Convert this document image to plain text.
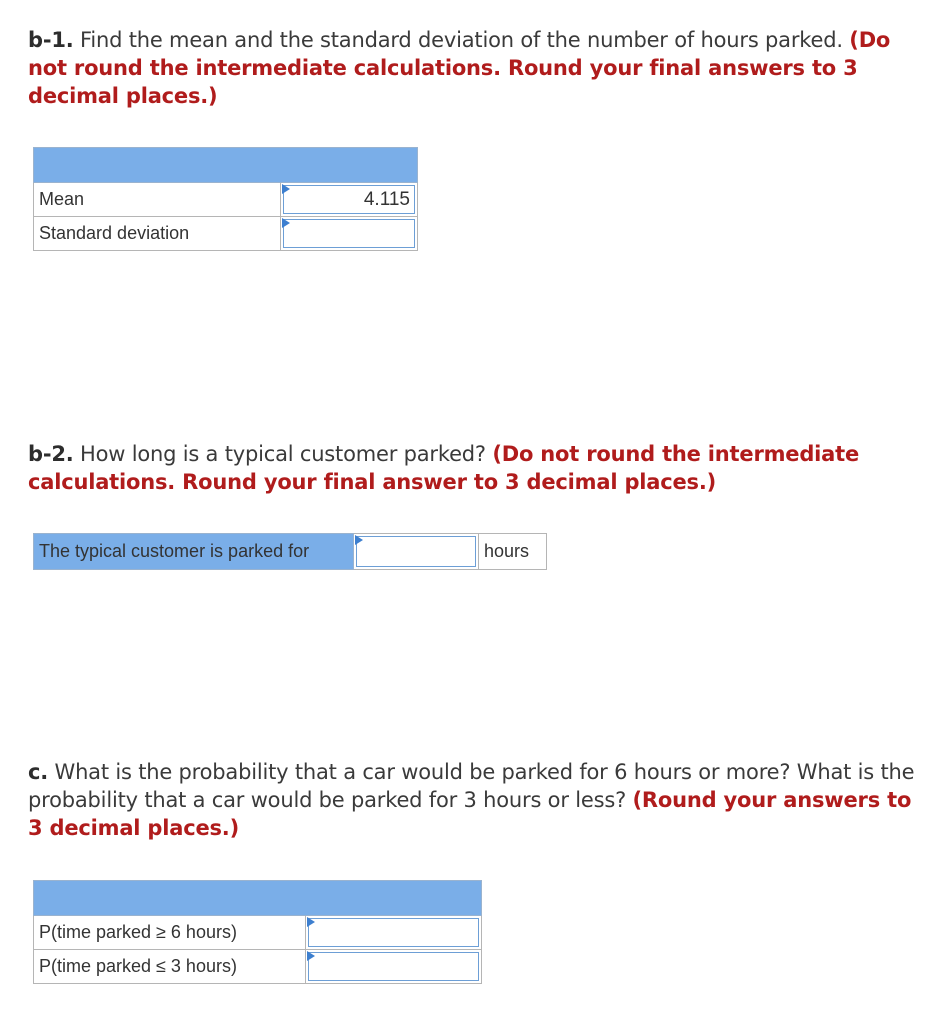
b-1. Find the mean and the standard deviation of the number of hours parked. (Do not round the intermediate calculations. Round your final answers to 3 decimal places.)

Mean	4.115

Standard deviation	
b-2. How long is a typical customer parked? (Do not round the intermediate calculations. Round your final answer to 3 decimal places.)
The typical customer is parked for	hours
c. What is the probability that a car would be parked for 6 hours or more? What is the probability that a car would be parked for 3 hours or less? (Round your answers to 3 decimal places.)

P(time parked ≥ 6 hours)	

P(time parked ≤ 3 hours)	
